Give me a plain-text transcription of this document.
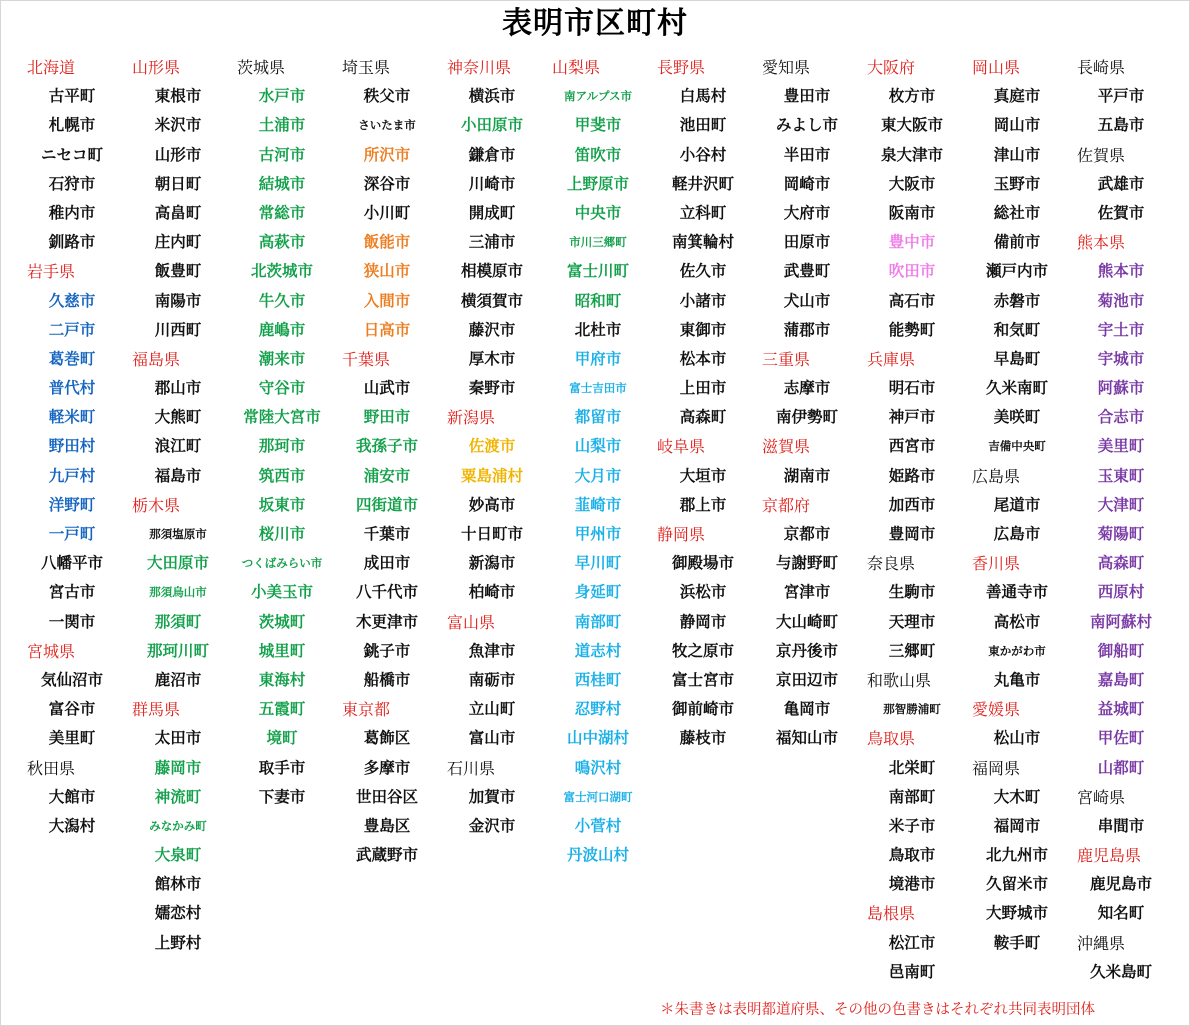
表明市区町村
北海道
古平町
札幌市
ニセコ町
石狩市
稚内市
釧路市
岩手県
久慈市
二戸市
葛巻町
普代村
軽米町
野田村
九戸村
洋野町
一戸町
八幡平市
宮古市
一関市
宮城県
気仙沼市
富谷市
美里町
秋田県
大館市
大潟村
山形県
東根市
米沢市
山形市
朝日町
高畠町
庄内町
飯豊町
南陽市
川西町
福島県
郡山市
大熊町
浪江町
福島市
栃木県
那須塩原市
大田原市
那須烏山市
那須町
那珂川町
鹿沼市
群馬県
太田市
藤岡市
神流町
みなかみ町
大泉町
館林市
嬬恋村
上野村
茨城県
水戸市
土浦市
古河市
結城市
常総市
高萩市
北茨城市
牛久市
鹿嶋市
潮来市
守谷市
常陸大宮市
那珂市
筑西市
坂東市
桜川市
つくばみらい市
小美玉市
茨城町
城里町
東海村
五霞町
境町
取手市
下妻市
埼玉県
秩父市
さいたま市
所沢市
深谷市
小川町
飯能市
狭山市
入間市
日高市
千葉県
山武市
野田市
我孫子市
浦安市
四街道市
千葉市
成田市
八千代市
木更津市
銚子市
船橋市
東京都
葛飾区
多摩市
世田谷区
豊島区
武蔵野市
神奈川県
横浜市
小田原市
鎌倉市
川崎市
開成町
三浦市
相模原市
横須賀市
藤沢市
厚木市
秦野市
新潟県
佐渡市
粟島浦村
妙高市
十日町市
新潟市
柏崎市
富山県
魚津市
南砺市
立山町
富山市
石川県
加賀市
金沢市
山梨県
南アルプス市
甲斐市
笛吹市
上野原市
中央市
市川三郷町
富士川町
昭和町
北杜市
甲府市
富士吉田市
都留市
山梨市
大月市
韮崎市
甲州市
早川町
身延町
南部町
道志村
西桂町
忍野村
山中湖村
鳴沢村
富士河口湖町
小菅村
丹波山村
長野県
白馬村
池田町
小谷村
軽井沢町
立科町
南箕輪村
佐久市
小諸市
東御市
松本市
上田市
高森町
岐阜県
大垣市
郡上市
静岡県
御殿場市
浜松市
静岡市
牧之原市
富士宮市
御前崎市
藤枝市
愛知県
豊田市
みよし市
半田市
岡崎市
大府市
田原市
武豊町
犬山市
蒲郡市
三重県
志摩市
南伊勢町
滋賀県
湖南市
京都府
京都市
与謝野町
宮津市
大山崎町
京丹後市
京田辺市
亀岡市
福知山市
大阪府
枚方市
東大阪市
泉大津市
大阪市
阪南市
豊中市
吹田市
高石市
能勢町
兵庫県
明石市
神戸市
西宮市
姫路市
加西市
豊岡市
奈良県
生駒市
天理市
三郷町
和歌山県
那智勝浦町
鳥取県
北栄町
南部町
米子市
鳥取市
境港市
島根県
松江市
邑南町
岡山県
真庭市
岡山市
津山市
玉野市
総社市
備前市
瀬戸内市
赤磐市
和気町
早島町
久米南町
美咲町
吉備中央町
広島県
尾道市
広島市
香川県
善通寺市
高松市
東かがわ市
丸亀市
愛媛県
松山市
福岡県
大木町
福岡市
北九州市
久留米市
大野城市
鞍手町
長崎県
平戸市
五島市
佐賀県
武雄市
佐賀市
熊本県
熊本市
菊池市
宇土市
宇城市
阿蘇市
合志市
美里町
玉東町
大津町
菊陽町
高森町
西原村
南阿蘇村
御船町
嘉島町
益城町
甲佐町
山都町
宮崎県
串間市
鹿児島県
鹿児島市
知名町
沖縄県
久米島町
＊朱書きは表明都道府県、その他の色書きはそれぞれ共同表明団体
